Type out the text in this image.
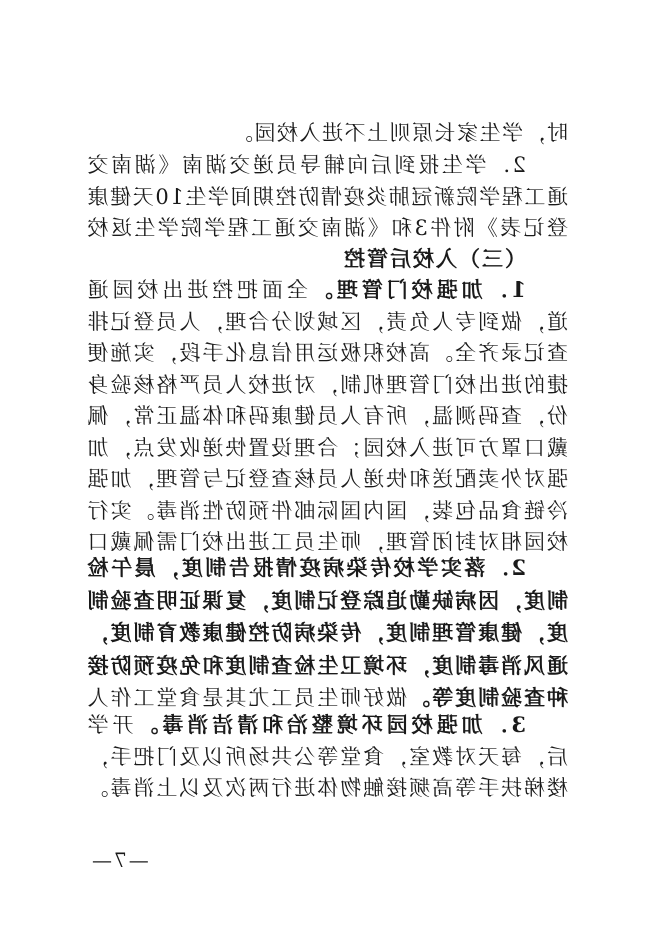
时，学生家长原则上不进入校园。

2．学生报到后向辅导员递交湖南《湖南交通工程学院新冠肺炎疫情防控期间学生10天健康登记表》附件3和《湖南交通工程学院学生返校

（三）入校后管控

1．加强校门管理。全面把控进出校园通道，做到专人负责，区域划分合理，人员登记排查记录齐全。高校积极运用信息化手段，实施便捷的进出校门管理机制，对进校人员严格核验身份，查码测温，所有人员健康码和体温正常，佩戴口罩方可进入校园；合理设置快递收发点，加强对外卖配送和快递人员核查登记与管理，加强冷链食品包装，国内国际邮件预防性消毒。实行校园相对封闭管理，师生员工进出校门需佩戴口

2．落实学校传染病疫情报告制度，晨午检制度，因病缺勤追踪登记制度，复课证明查验制度，健康管理制度，传染病防控健康教育制度，通风消毒制度，环境卫生检查制度和免疫预防接种查验制度等。做好师生员工尤其是食堂工作人

3．加强校园环境整治和清洁消毒。开学后，每天对教室，食堂等公共场所以及门把手，楼梯扶手等高频接触物体进行两次及以上消毒。

—7—
